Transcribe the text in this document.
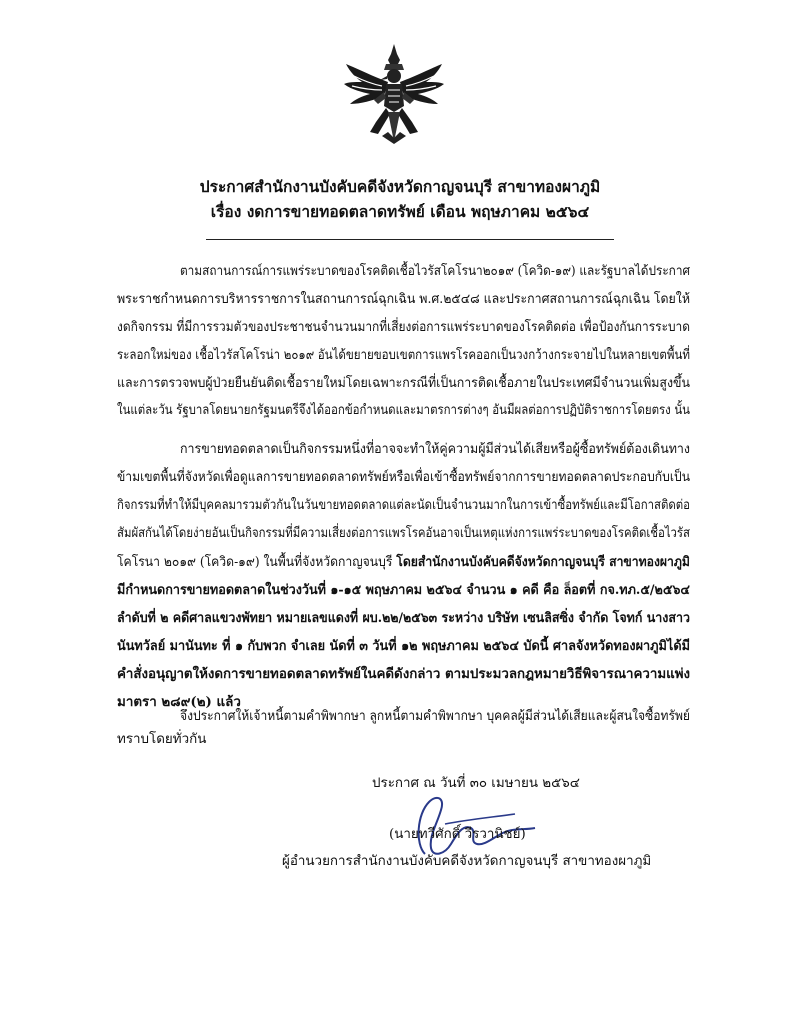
ประกาศสำนักงานบังคับคดีจังหวัดกาญจนบุรี สาขาทองผาภูมิ
เรื่อง งดการขายทอดตลาดทรัพย์ เดือน พฤษภาคม ๒๕๖๔
ตามสถานการณ์การแพร่ระบาดของโรคติดเชื้อไวรัสโคโรนา๒๐๑๙ (โควิด-๑๙) และรัฐบาลได้ประกาศ
พระราชกำหนดการบริหารราชการในสถานการณ์ฉุกเฉิน พ.ศ.๒๕๔๘ และประกาศสถานการณ์ฉุกเฉิน โดยให้
งดกิจกรรม ที่มีการรวมตัวของประชาชนจำนวนมากที่เสี่ยงต่อการแพร่ระบาดของโรคติดต่อ เพื่อป้องกันการระบาด
ระลอกใหม่ของ เชื้อไวรัสโคโรน่า ๒๐๑๙ อันได้ขยายขอบเขตการแพรโรคออกเป็นวงกว้างกระจายไปในหลายเขตพื้นที่
และการตรวจพบผู้ป่วยยืนยันติดเชื้อรายใหม่โดยเฉพาะกรณีที่เป็นการติดเชื้อภายในประเทศมีจำนวนเพิ่มสูงขึ้น
ในแต่ละวัน รัฐบาลโดยนายกรัฐมนตรีจึงได้ออกข้อกำหนดและมาตรการต่างๆ อันมีผลต่อการปฏิบัติราชการโดยตรง นั้น
การขายทอดตลาดเป็นกิจกรรมหนึ่งที่อาจจะทำให้คู่ความผู้มีส่วนได้เสียหรือผู้ซื้อทรัพย์ต้องเดินทาง
ข้ามเขตพื้นที่จังหวัดเพื่อดูแลการขายทอดตลาดทรัพย์หรือเพื่อเข้าซื้อทรัพย์จากการขายทอดตลาดประกอบกับเป็น
กิจกรรมที่ทำให้มีบุคคลมารวมตัวกันในวันขายทอดตลาดแต่ละนัดเป็นจำนวนมากในการเข้าซื้อทรัพย์และมีโอกาสติดต่อ
สัมผัสกันได้โดยง่ายอันเป็นกิจกรรมที่มีความเสี่ยงต่อการแพรโรคอันอาจเป็นเหตุแห่งการแพร่ระบาดของโรคติดเชื้อไวรัส
โคโรนา ๒๐๑๙ (โควิด-๑๙) ในพื้นที่จังหวัดกาญจนบุรี โดยสำนักงานบังคับคดีจังหวัดกาญจนบุรี สาขาทองผาภูมิ
มีกำหนดการขายทอดตลาดในช่วงวันที่ ๑-๑๕ พฤษภาคม ๒๕๖๔ จำนวน ๑ คดี คือ ล็อตที่ กจ.ทภ.๕/๒๕๖๔
ลำดับที่ ๒ คดีศาลแขวงพัทยา หมายเลขแดงที่ ผบ.๒๒/๒๕๖๓ ระหว่าง บริษัท เซนลิสซิ่ง จำกัด โจทก์ นางสาว
นันทวัลย์ มานันทะ ที่ ๑ กับพวก จำเลย นัดที่ ๓ วันที่ ๑๒ พฤษภาคม ๒๕๖๔ บัดนี้ ศาลจังหวัดทองผาภูมิได้มี
คำสั่งอนุญาตให้งดการขายทอดตลาดทรัพย์ในคดีดังกล่าว ตามประมวลกฎหมายวิธีพิจารณาความแพ่ง
มาตรา ๒๘๙(๒) แล้ว
จึงประกาศให้เจ้าหนี้ตามคำพิพากษา ลูกหนี้ตามคำพิพากษา บุคคลผู้มีส่วนได้เสียและผู้สนใจซื้อทรัพย์
ทราบโดยทั่วกัน
ประกาศ ณ วันที่ ๓๐ เมษายน ๒๕๖๔
(นายทวีศักดิ์ วีรวานิชย์)
ผู้อำนวยการสำนักงานบังคับคดีจังหวัดกาญจนบุรี สาขาทองผาภูมิ
